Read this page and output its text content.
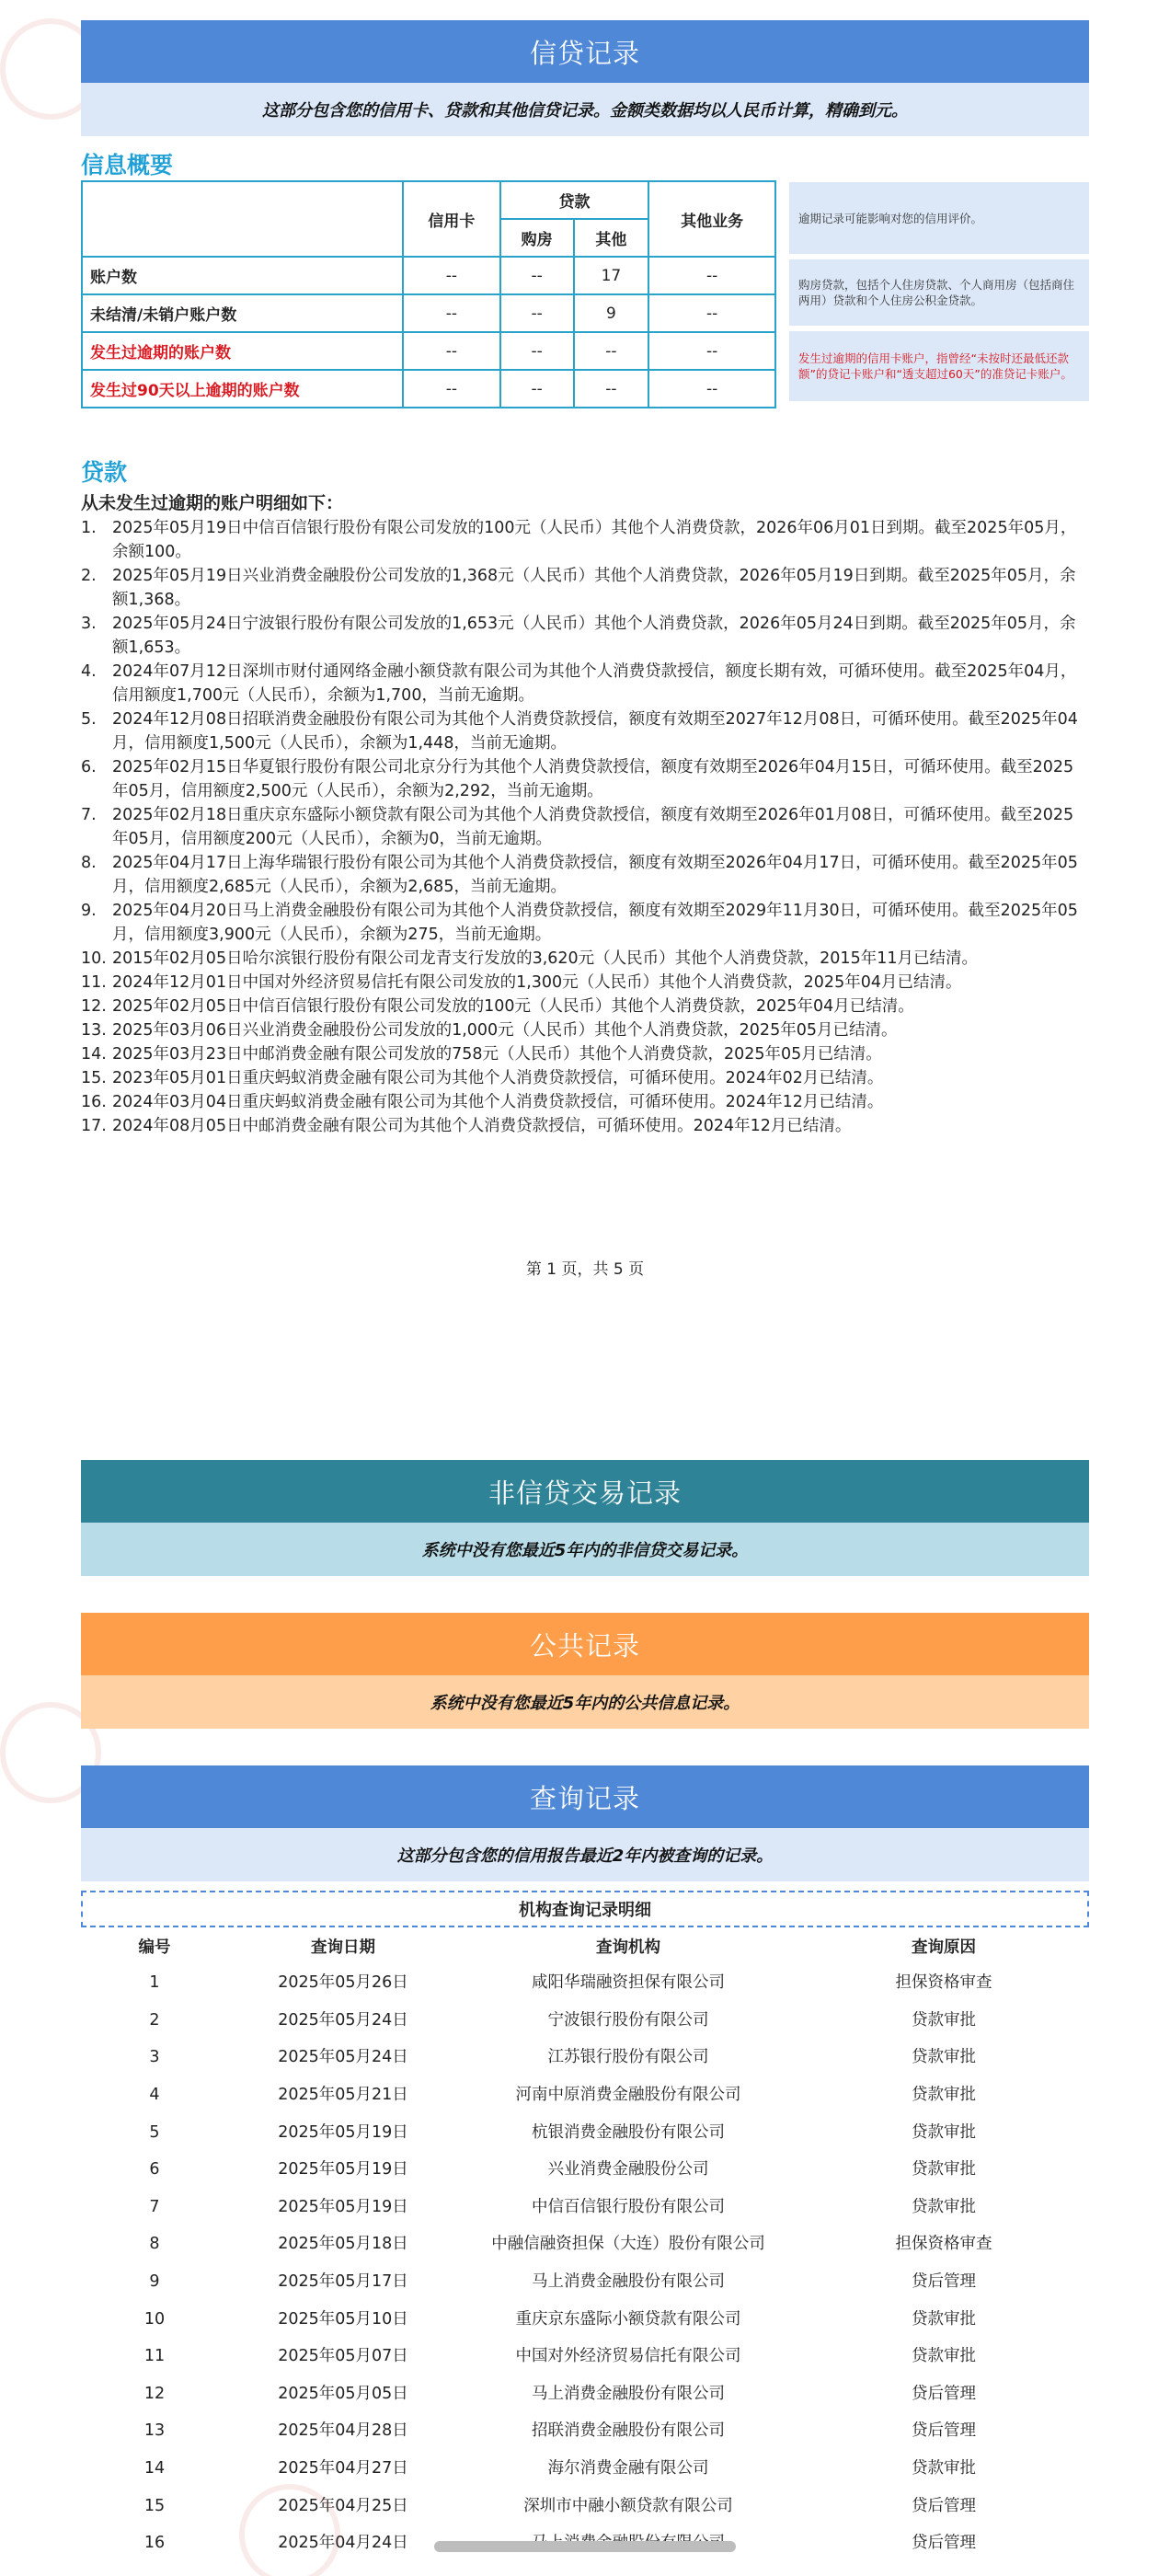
信贷记录
这部分包含您的信用卡、贷款和其他信贷记录。金额类数据均以人民币计算，精确到元。
信息概要
	信用卡	贷款		其他业务
		购房	其他	
账户数	--	--	17	--
未结清/未销户账户数	--	--	9	--
发生过逾期的账户数	--	--	--	--
发生过90天以上逾期的账户数	--	--	--	--
逾期记录可能影响对您的信用评价。
购房贷款，包括个人住房贷款、个人商用房（包括商住两用）贷款和个人住房公积金贷款。
发生过逾期的信用卡账户，指曾经“未按时还最低还款额”的贷记卡账户和“透支超过60天”的准贷记卡账户。
贷款
从未发生过逾期的账户明细如下：
1. 2025年05月19日中信百信银行股份有限公司发放的100元（人民币）其他个人消费贷款，2026年06月01日到期。截至2025年05月，余额100。
2. 2025年05月19日兴业消费金融股份公司发放的1,368元（人民币）其他个人消费贷款，2026年05月19日到期。截至2025年05月，余额1,368。
3. 2025年05月24日宁波银行股份有限公司发放的1,653元（人民币）其他个人消费贷款，2026年05月24日到期。截至2025年05月，余额1,653。
4. 2024年07月12日深圳市财付通网络金融小额贷款有限公司为其他个人消费贷款授信，额度长期有效，可循环使用。截至2025年04月，信用额度1,700元（人民币），余额为1,700，当前无逾期。
5. 2024年12月08日招联消费金融股份有限公司为其他个人消费贷款授信，额度有效期至2027年12月08日，可循环使用。截至2025年04月，信用额度1,500元（人民币），余额为1,448，当前无逾期。
6. 2025年02月15日华夏银行股份有限公司北京分行为其他个人消费贷款授信，额度有效期至2026年04月15日，可循环使用。截至2025年05月，信用额度2,500元（人民币），余额为2,292，当前无逾期。
7. 2025年02月18日重庆京东盛际小额贷款有限公司为其他个人消费贷款授信，额度有效期至2026年01月08日，可循环使用。截至2025年05月，信用额度200元（人民币），余额为0，当前无逾期。
8. 2025年04月17日上海华瑞银行股份有限公司为其他个人消费贷款授信，额度有效期至2026年04月17日，可循环使用。截至2025年05月，信用额度2,685元（人民币），余额为2,685，当前无逾期。
9. 2025年04月20日马上消费金融股份有限公司为其他个人消费贷款授信，额度有效期至2029年11月30日，可循环使用。截至2025年05月，信用额度3,900元（人民币），余额为275，当前无逾期。
10. 2015年02月05日哈尔滨银行股份有限公司龙青支行发放的3,620元（人民币）其他个人消费贷款，2015年11月已结清。
11. 2024年12月01日中国对外经济贸易信托有限公司发放的1,300元（人民币）其他个人消费贷款，2025年04月已结清。
12. 2025年02月05日中信百信银行股份有限公司发放的100元（人民币）其他个人消费贷款，2025年04月已结清。
13. 2025年03月06日兴业消费金融股份公司发放的1,000元（人民币）其他个人消费贷款，2025年05月已结清。
14. 2025年03月23日中邮消费金融有限公司发放的758元（人民币）其他个人消费贷款，2025年05月已结清。
15. 2023年05月01日重庆蚂蚁消费金融有限公司为其他个人消费贷款授信，可循环使用。2024年02月已结清。
16. 2024年03月04日重庆蚂蚁消费金融有限公司为其他个人消费贷款授信，可循环使用。2024年12月已结清。
17. 2024年08月05日中邮消费金融有限公司为其他个人消费贷款授信，可循环使用。2024年12月已结清。
第 1 页，共 5 页
非信贷交易记录
系统中没有您最近5年内的非信贷交易记录。
公共记录
系统中没有您最近5年内的公共信息记录。
查询记录
这部分包含您的信用报告最近2年内被查询的记录。
机构查询记录明细
编号	查询日期	查询机构	查询原因
1	2025年05月26日	咸阳华瑞融资担保有限公司	担保资格审查
2	2025年05月24日	宁波银行股份有限公司	贷款审批
3	2025年05月24日	江苏银行股份有限公司	贷款审批
4	2025年05月21日	河南中原消费金融股份有限公司	贷款审批
5	2025年05月19日	杭银消费金融股份有限公司	贷款审批
6	2025年05月19日	兴业消费金融股份公司	贷款审批
7	2025年05月19日	中信百信银行股份有限公司	贷款审批
8	2025年05月18日	中融信融资担保（大连）股份有限公司	担保资格审查
9	2025年05月17日	马上消费金融股份有限公司	贷后管理
10	2025年05月10日	重庆京东盛际小额贷款有限公司	贷款审批
11	2025年05月07日	中国对外经济贸易信托有限公司	贷款审批
12	2025年05月05日	马上消费金融股份有限公司	贷后管理
13	2025年04月28日	招联消费金融股份有限公司	贷后管理
14	2025年04月27日	海尔消费金融有限公司	贷款审批
15	2025年04月25日	深圳市中融小额贷款有限公司	贷后管理
16	2025年04月24日		贷后管理
